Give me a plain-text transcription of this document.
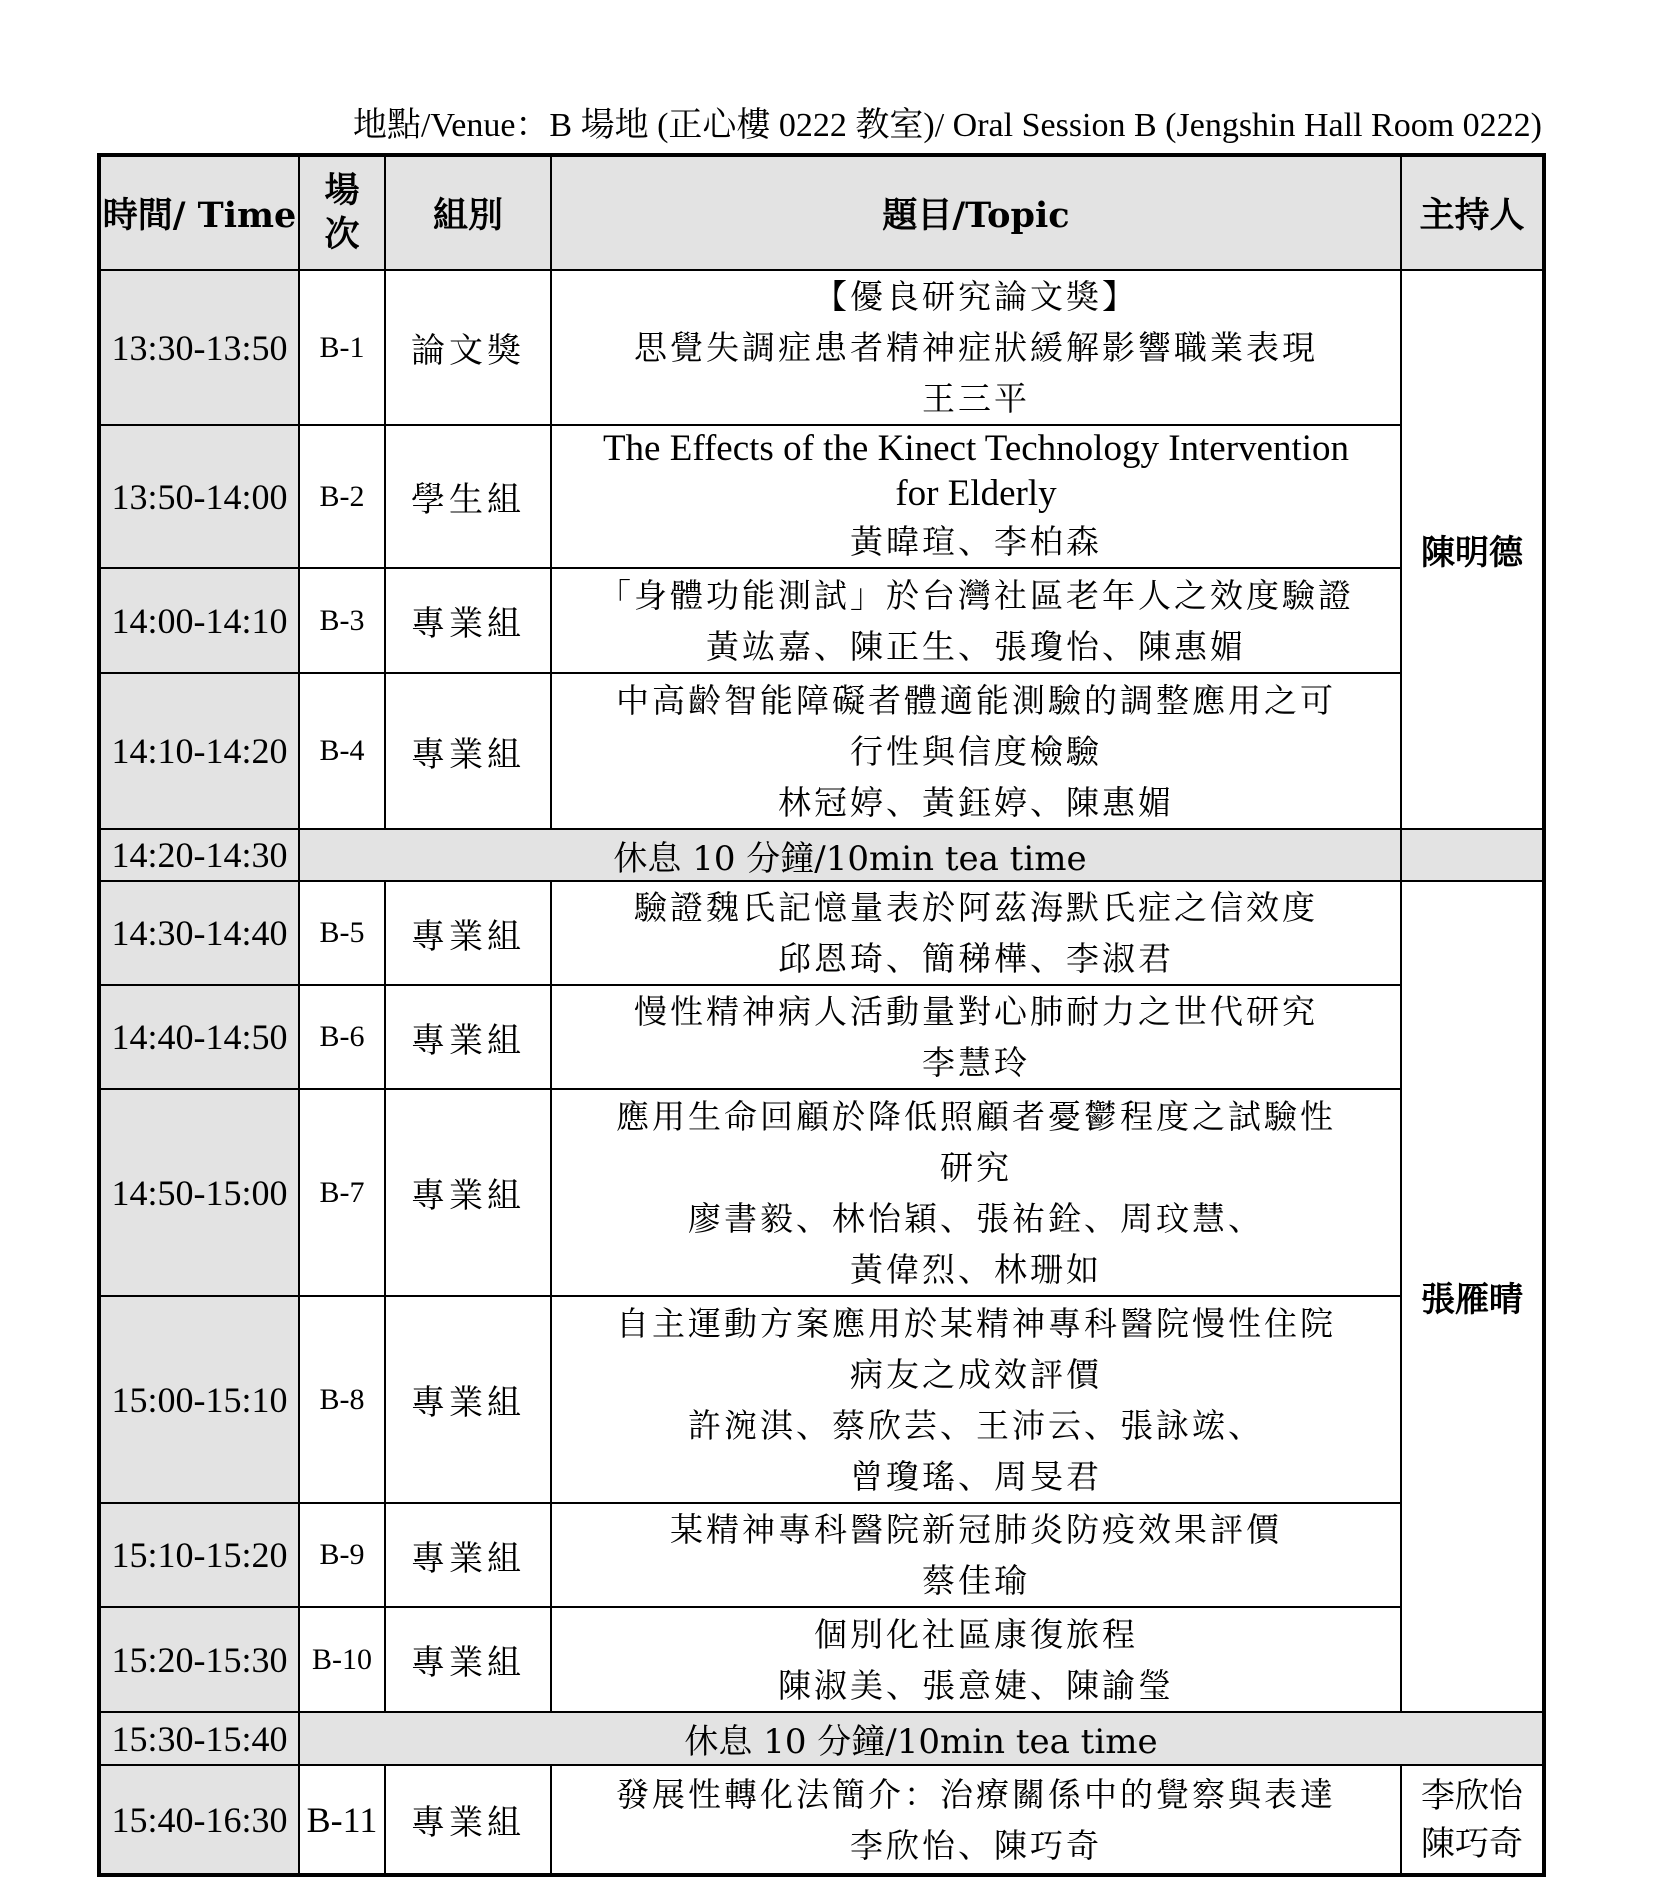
地點/Venue：B 場地 (正心樓 0222 教室)/ Oral Session B (Jengshin Hall Room 0222)
時間/ Time	場次	組別	題目/Topic	主持人
13:30-13:50	B-1	論文獎	【優良研究論文獎】
思覺失調症患者精神症狀緩解影響職業表現
王三平	陳明德
13:50-14:00	B-2	學生組	The Effects of the Kinect Technology Intervention
for Elderly
黃暐瑄、李柏森	

14:00-14:10	B-3	專業組	「身體功能測試」於台灣社區老年人之效度驗證
黃竑嘉、陳正生、張瓊怡、陳惠媚	

14:10-14:20	B-4	專業組	中高齡智能障礙者體適能測驗的調整應用之可
行性與信度檢驗
林冠婷、黃鈺婷、陳惠媚	

14:20-14:30	休息 10 分鐘/10min tea time			
14:30-14:40	B-5	專業組	驗證魏氏記憶量表於阿茲海默氏症之信效度
邱恩琦、簡稊樺、李淑君	張雁晴
14:40-14:50	B-6	專業組	慢性精神病人活動量對心肺耐力之世代研究
李慧玲	

14:50-15:00	B-7	專業組	應用生命回顧於降低照顧者憂鬱程度之試驗性
研究
廖書毅、林怡穎、張祐銓、周玟慧、
黃偉烈、林珊如	

15:00-15:10	B-8	專業組	自主運動方案應用於某精神專科醫院慢性住院
病友之成效評價
許涴淇、蔡欣芸、王沛云、張詠竤、
曾瓊瑤、周旻君	

15:10-15:20	B-9	專業組	某精神專科醫院新冠肺炎防疫效果評價
蔡佳瑜	

15:20-15:30	B-10	專業組	個別化社區康復旅程
陳淑美、張意婕、陳諭瑩	

15:30-15:40	休息 10 分鐘/10min tea time			
15:40-16:30	B-11	專業組	發展性轉化法簡介：治療關係中的覺察與表達
李欣怡、陳巧奇	李欣怡
陳巧奇
